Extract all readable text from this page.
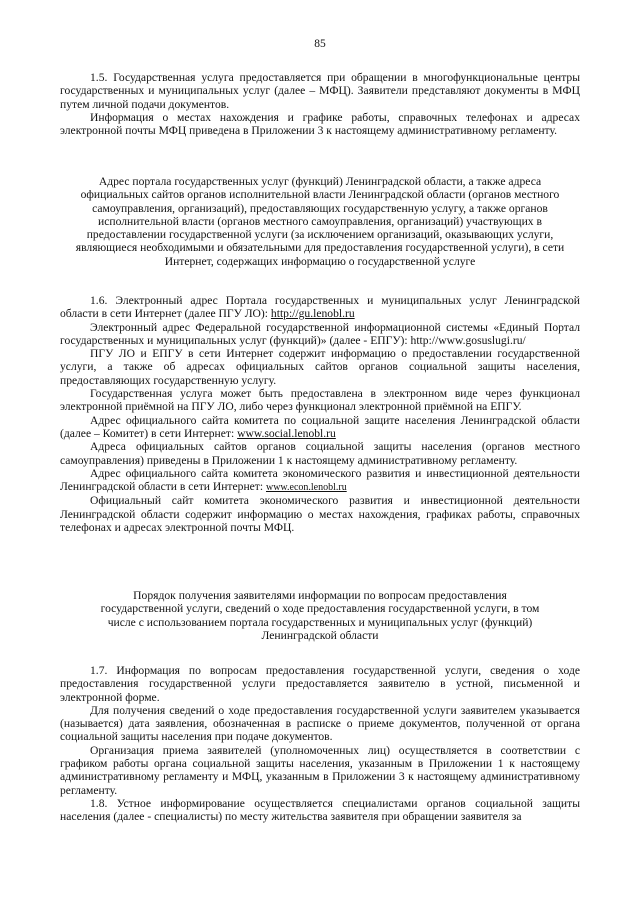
85

1.5. Государственная услуга предоставляется при обращении в многофункциональные центры государственных и муниципальных услуг (далее – МФЦ). Заявители представляют документы в МФЦ путем личной подачи документов.

Информация о местах нахождения и графике работы, справочных телефонах и адресах электронной почты МФЦ приведена в Приложении 3 к настоящему административному регламенту.

Адрес портала государственных услуг (функций) Ленинградской области, а также адреса официальных сайтов органов исполнительной власти Ленинградской области (органов местного самоуправления, организаций), предоставляющих государственную услугу, а также органов исполнительной власти (органов местного самоуправления, организаций) участвующих в предоставлении государственной услуги (за исключением организаций, оказывающих услуги, являющиеся необходимыми и обязательными для предоставления государственной услуги), в сети Интернет, содержащих информацию о государственной услуге

1.6. Электронный адрес Портала государственных и муниципальных услуг Ленинградской области в сети Интернет (далее ПГУ ЛО): http://gu.lenobl.ru

Электронный адрес Федеральной государственной информационной системы «Единый Портал государственных и муниципальных услуг (функций)» (далее - ЕПГУ): http://www.gosuslugi.ru/

ПГУ ЛО и ЕПГУ в сети Интернет содержит информацию о предоставлении государственной услуги, а также об адресах официальных сайтов органов социальной защиты населения, предоставляющих государственную услугу.

Государственная услуга может быть предоставлена в электронном виде через функционал электронной приёмной на ПГУ ЛО, либо через функционал электронной приёмной на ЕПГУ.

Адрес официального сайта комитета по социальной защите населения Ленинградской области (далее – Комитет) в сети Интернет: www.social.lenobl.ru

Адреса официальных сайтов органов социальной защиты населения (органов местного самоуправления) приведены в Приложении 1 к настоящему административному регламенту.

Адрес официального сайта комитета экономического развития и инвестиционной деятельности Ленинградской области в сети Интернет: www.econ.lenobl.ru

Официальный сайт комитета экономического развития и инвестиционной деятельности Ленинградской области содержит информацию о местах нахождения, графиках работы, справочных телефонах и адресах электронной почты МФЦ.

Порядок получения заявителями информации по вопросам предоставления государственной услуги, сведений о ходе предоставления государственной услуги, в том числе с использованием портала государственных и муниципальных услуг (функций) Ленинградской области

1.7. Информация по вопросам предоставления государственной услуги, сведения о ходе предоставления государственной услуги предоставляется заявителю в устной, письменной и электронной форме.

Для получения сведений о ходе предоставления государственной услуги заявителем указывается (называется) дата заявления, обозначенная в расписке о приеме документов, полученной от органа социальной защиты населения при подаче документов.

Организация приема заявителей (уполномоченных лиц) осуществляется в соответствии с графиком работы органа социальной защиты населения, указанным в Приложении 1 к настоящему административному регламенту и МФЦ, указанным в Приложении 3 к настоящему административному регламенту.

1.8. Устное информирование осуществляется специалистами органов социальной защиты населения (далее - специалисты) по месту жительства заявителя при обращении заявителя за
